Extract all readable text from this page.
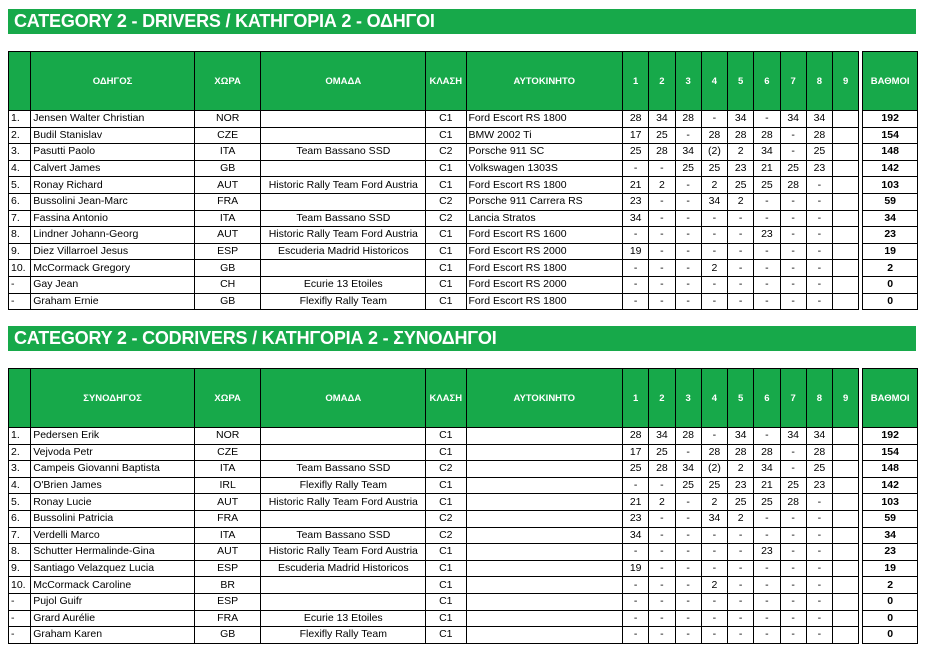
CATEGORY 2 - DRIVERS / ΚΑΤΗΓΟΡΙΑ 2 - ΟΔΗΓΟΙ
	ΟΔΗΓΟΣ	ΧΩΡΑ	ΟΜΑΔΑ	ΚΛΑΣΗ	ΑΥΤΟΚΙΝΗΤΟ	1	2	3	4	5	6	7	8	9		ΒΑΘΜΟΙ
1.	Jensen Walter Christian	NOR		C1	Ford Escort RS 1800	28	34	28	-	34	-	34	34			192
2.	Budil Stanislav	CZE		C1	BMW 2002 Ti	17	25	-	28	28	28	-	28			154
3.	Pasutti Paolo	ITA	Team Bassano SSD	C2	Porsche 911 SC	25	28	34	(2)	2	34	-	25			148
4.	Calvert James	GB		C1	Volkswagen 1303S	-	-	25	25	23	21	25	23			142
5.	Ronay Richard	AUT	Historic Rally Team Ford Austria	C1	Ford Escort RS 1800	21	2	-	2	25	25	28	-			103
6.	Bussolini Jean-Marc	FRA		C2	Porsche 911 Carrera RS	23	-	-	34	2	-	-	-			59
7.	Fassina Antonio	ITA	Team Bassano SSD	C2	Lancia Stratos	34	-	-	-	-	-	-	-			34
8.	Lindner Johann-Georg	AUT	Historic Rally Team Ford Austria	C1	Ford Escort RS 1600	-	-	-	-	-	23	-	-			23
9.	Diez Villarroel Jesus	ESP	Escuderia Madrid Historicos	C1	Ford Escort RS 2000	19	-	-	-	-	-	-	-			19
10.	McCormack Gregory	GB		C1	Ford Escort RS 1800	-	-	-	2	-	-	-	-			2
-	Gay Jean	CH	Ecurie 13 Etoiles	C1	Ford Escort RS 2000	-	-	-	-	-	-	-	-			0
-	Graham Ernie	GB	Flexifly Rally Team	C1	Ford Escort RS 1800	-	-	-	-	-	-	-	-			0
CATEGORY 2 - CODRIVERS / ΚΑΤΗΓΟΡΙΑ 2 - ΣΥΝΟΔΗΓΟΙ
	ΣΥΝΟΔΗΓΟΣ	ΧΩΡΑ	ΟΜΑΔΑ	ΚΛΑΣΗ	ΑΥΤΟΚΙΝΗΤΟ	1	2	3	4	5	6	7	8	9		ΒΑΘΜΟΙ
1.	Pedersen Erik	NOR		C1		28	34	28	-	34	-	34	34			192
2.	Vejvoda Petr	CZE		C1		17	25	-	28	28	28	-	28			154
3.	Campeis Giovanni Baptista	ITA	Team Bassano SSD	C2		25	28	34	(2)	2	34	-	25			148
4.	O'Brien James	IRL	Flexifly Rally Team	C1		-	-	25	25	23	21	25	23			142
5.	Ronay Lucie	AUT	Historic Rally Team Ford Austria	C1		21	2	-	2	25	25	28	-			103
6.	Bussolini Patricia	FRA		C2		23	-	-	34	2	-	-	-			59
7.	Verdelli Marco	ITA	Team Bassano SSD	C2		34	-	-	-	-	-	-	-			34
8.	Schutter Hermalinde-Gina	AUT	Historic Rally Team Ford Austria	C1		-	-	-	-	-	23	-	-			23
9.	Santiago Velazquez Lucia	ESP	Escuderia Madrid Historicos	C1		19	-	-	-	-	-	-	-			19
10.	McCormack Caroline	BR		C1		-	-	-	2	-	-	-	-			2
-	Pujol Guifr	ESP		C1		-	-	-	-	-	-	-	-			0
-	Grard Aurélie	FRA	Ecurie 13 Etoiles	C1		-	-	-	-	-	-	-	-			0
-	Graham Karen	GB	Flexifly Rally Team	C1		-	-	-	-	-	-	-	-			0
